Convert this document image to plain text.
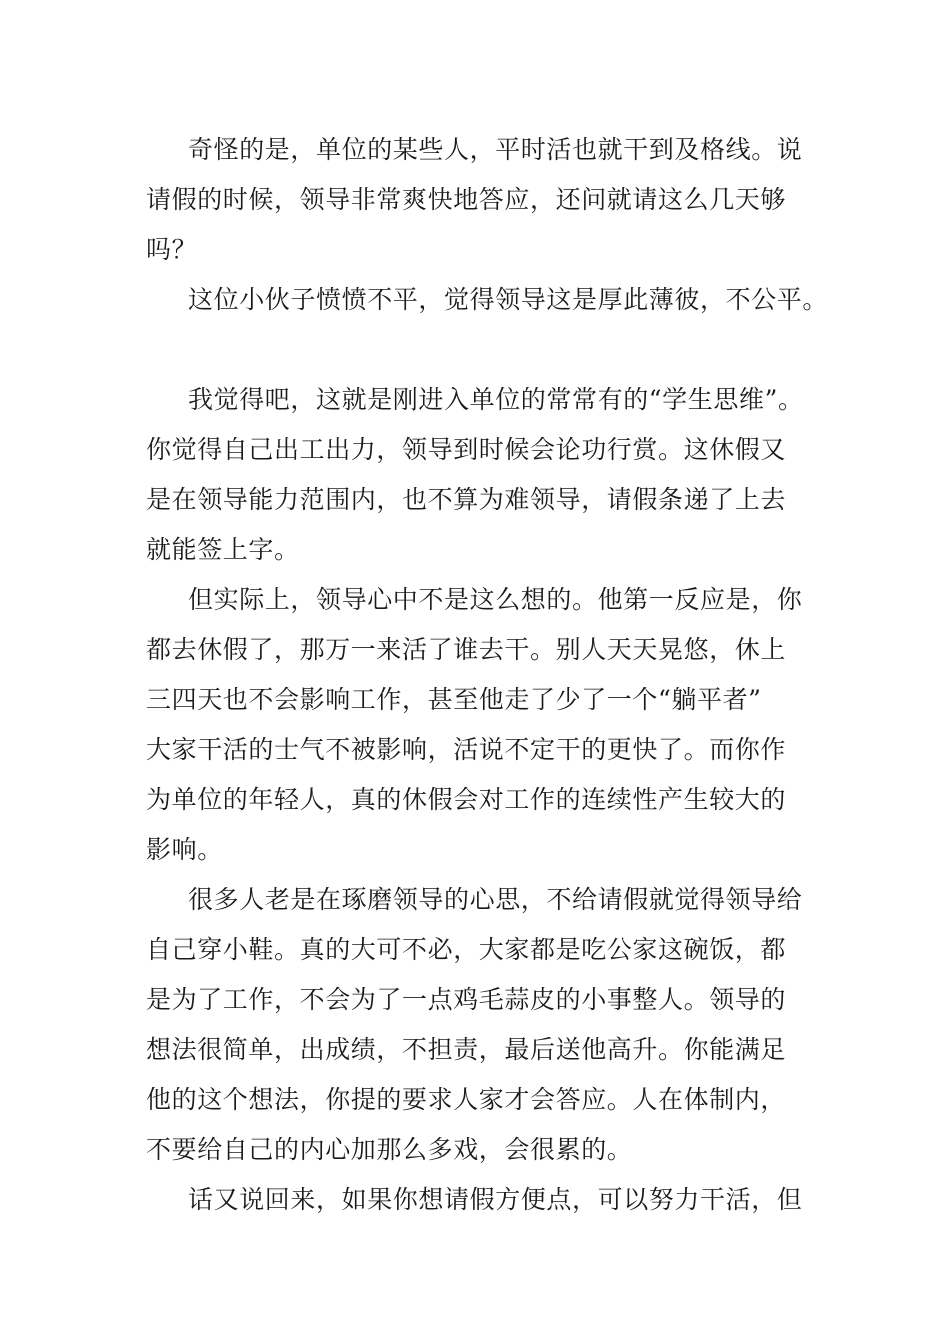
奇怪的是，单位的某些人，平时活也就干到及格线。说

请假的时候，领导非常爽快地答应，还问就请这么几天够

吗？

这位小伙子愤愤不平，觉得领导这是厚此薄彼，不公平。

我觉得吧，这就是刚进入单位的常常有的“学生思维”。

你觉得自己出工出力，领导到时候会论功行赏。这休假又

是在领导能力范围内，也不算为难领导，请假条递了上去

就能签上字。

但实际上，领导心中不是这么想的。他第一反应是，你

都去休假了，那万一来活了谁去干。别人天天晃悠，休上

三四天也不会影响工作，甚至他走了少了一个“躺平者”

大家干活的士气不被影响，活说不定干的更快了。而你作

为单位的年轻人，真的休假会对工作的连续性产生较大的

影响。

很多人老是在琢磨领导的心思，不给请假就觉得领导给

自己穿小鞋。真的大可不必，大家都是吃公家这碗饭，都

是为了工作，不会为了一点鸡毛蒜皮的小事整人。领导的

想法很简单，出成绩，不担责，最后送他高升。你能满足

他的这个想法，你提的要求人家才会答应。人在体制内，

不要给自己的内心加那么多戏，会很累的。

话又说回来，如果你想请假方便点，可以努力干活，但
